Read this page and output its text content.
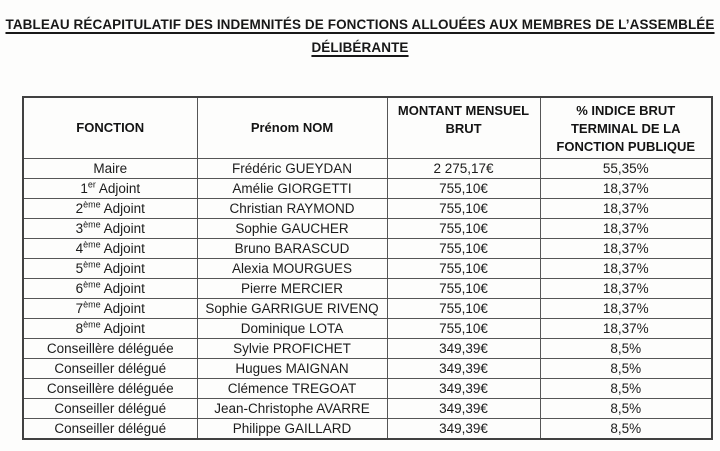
TABLEAU RÉCAPITULATIF DES INDEMNITÉS DE FONCTIONS ALLOUÉES AUX MEMBRES DE L’ASSEMBLÉE
DÉLIBÉRANTE
FONCTION	Prénom NOM	MONTANT MENSUEL BRUT	% INDICE BRUT TERMINAL DE LA FONCTION PUBLIQUE
Maire	Frédéric GUEYDAN	2 275,17€	55,35%
1er Adjoint	Amélie GIORGETTI	755,10€	18,37%
2ème Adjoint	Christian RAYMOND	755,10€	18,37%
3ème Adjoint	Sophie GAUCHER	755,10€	18,37%
4ème Adjoint	Bruno BARASCUD	755,10€	18,37%
5ème Adjoint	Alexia MOURGUES	755,10€	18,37%
6ème Adjoint	Pierre MERCIER	755,10€	18,37%
7ème Adjoint	Sophie GARRIGUE RIVENQ	755,10€	18,37%
8ème Adjoint	Dominique LOTA	755,10€	18,37%
Conseillère déléguée	Sylvie PROFICHET	349,39€	8,5%
Conseiller délégué	Hugues MAIGNAN	349,39€	8,5%
Conseillère déléguée	Clémence TREGOAT	349,39€	8,5%
Conseiller délégué	Jean-Christophe AVARRE	349,39€	8,5%
Conseiller délégué	Philippe GAILLARD	349,39€	8,5%
